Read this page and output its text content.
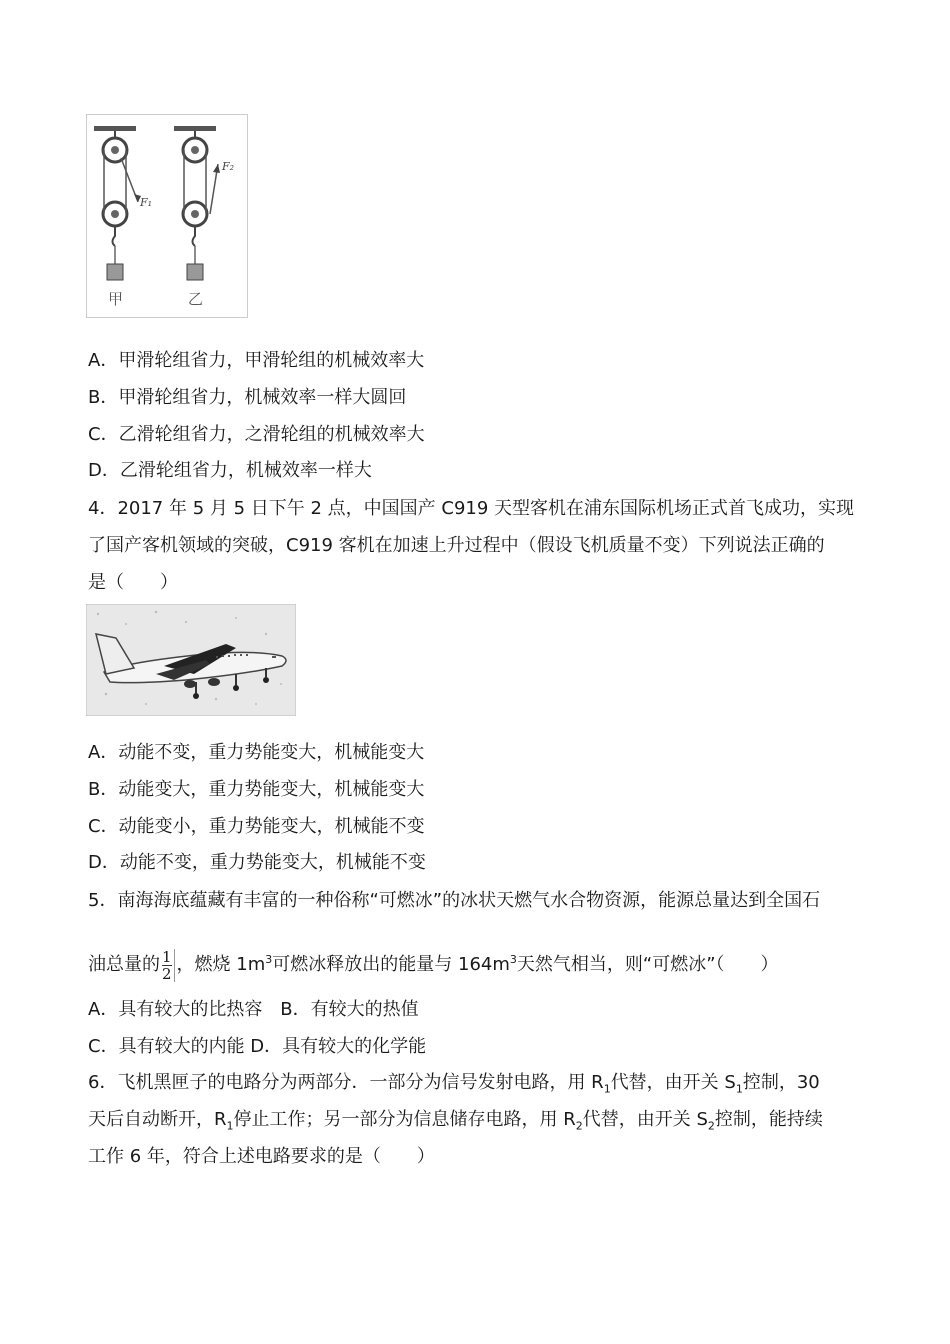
F₁
F₂
甲	乙
A．甲滑轮组省力，甲滑轮组的机械效率大
B．甲滑轮组省力，机械效率一样大圆回
C．乙滑轮组省力，之滑轮组的机械效率大
D．乙滑轮组省力，机械效率一样大
4．2017 年 5 月 5 日下午 2 点，中国国产 C919 天型客机在浦东国际机场正式首飞成功，实现
了国产客机领域的突破，C919 客机在加速上升过程中（假设飞机质量不变）下列说法正确的
是（　　）
A．动能不变，重力势能变大，机械能变大
B．动能变大，重力势能变大，机械能变大
C．动能变小，重力势能变大，机械能不变
D．动能不变，重力势能变大，机械能不变
5．南海海底蕴藏有丰富的一种俗称“可燃冰”的冰状天燃气水合物资源，能源总量达到全国石
油总量的 $\frac{1}{2}$ ，燃烧 $1m^3$可燃冰释放出的能量与 $164m^3$天然气相当，则“可燃冰”（　　）
A．具有较大的比热容　B．有较大的热值
C．具有较大的内能 D．具有较大的化学能
6．飞机黑匣子的电路分为两部分．一部分为信号发射电路，用 $R_1$代替，由开关 $S_1$控制，30
天后自动断开，$R_1$停止工作；另一部分为信息储存电路，用 $R_2$代替，由开关 $S_2$控制，能持续
工作 6 年，符合上述电路要求的是（　　）
